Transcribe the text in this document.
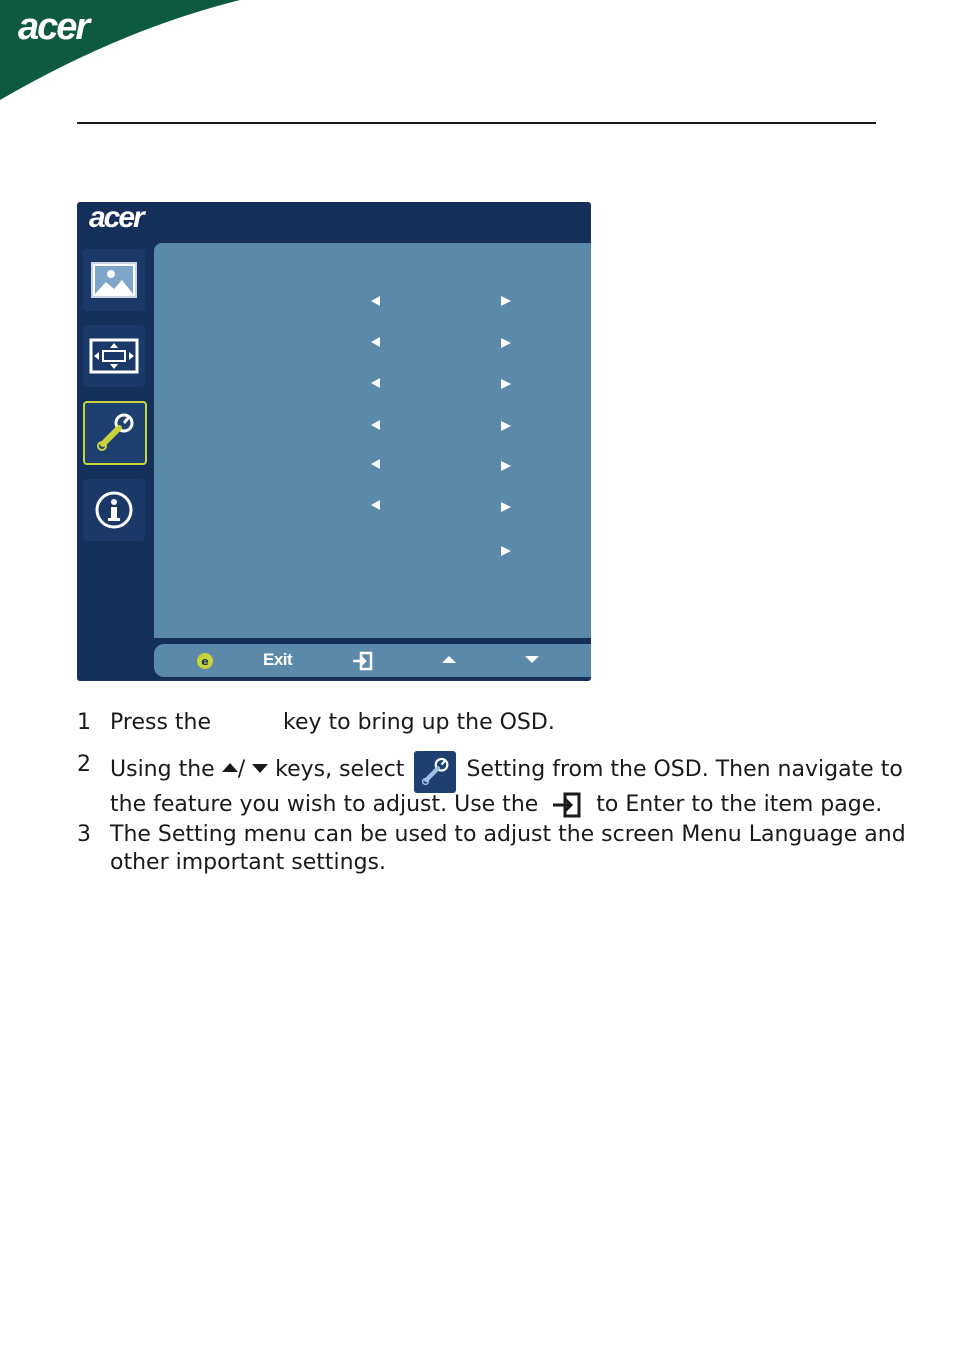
acer
acer
e	Exit
1 Press the	key to bring up the OSD.
2 Using the / keys, select	Setting from the OSD. Then navigate to
the feature you wish to adjust. Use the	to Enter to the item page.
3 The Setting menu can be used to adjust the screen Menu Language and
other important settings.
